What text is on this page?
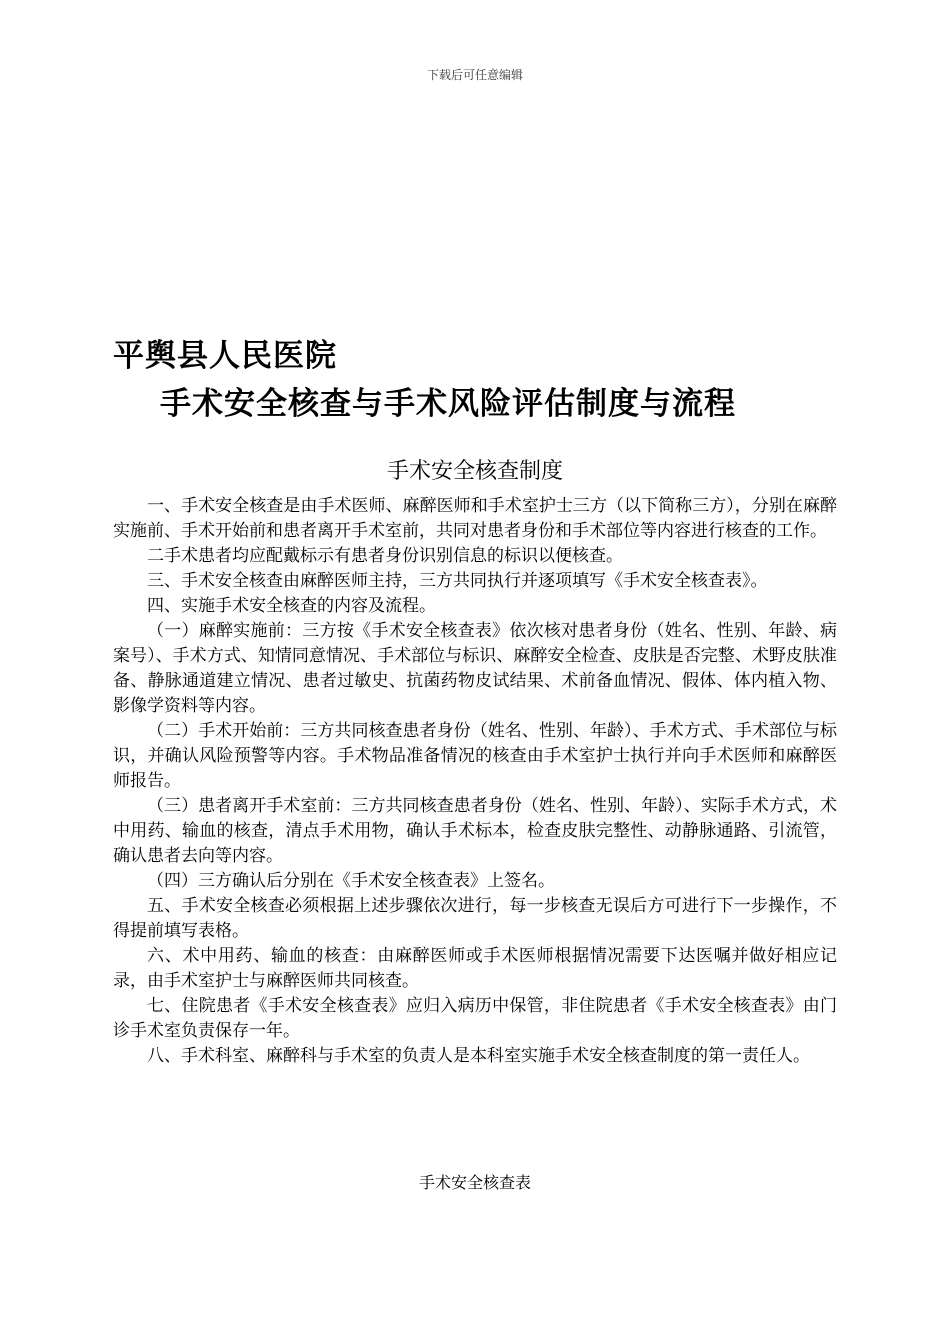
下载后可任意编辑
平舆县人民医院
手术安全核查与手术风险评估制度与流程
手术安全核查制度

一、手术安全核查是由手术医师、麻醉医师和手术室护士三方（以下简称三方），分别在麻醉实施前、手术开始前和患者离开手术室前，共同对患者身份和手术部位等内容进行核查的工作。

二手术患者均应配戴标示有患者身份识别信息的标识以便核查。

三、手术安全核查由麻醉医师主持，三方共同执行并逐项填写《手术安全核查表》。

四、实施手术安全核查的内容及流程。

（一）麻醉实施前：三方按《手术安全核查表》依次核对患者身份（姓名、性别、年龄、病案号）、手术方式、知情同意情况、手术部位与标识、麻醉安全检查、皮肤是否完整、术野皮肤准备、静脉通道建立情况、患者过敏史、抗菌药物皮试结果、术前备血情况、假体、体内植入物、影像学资料等内容。

（二）手术开始前：三方共同核查患者身份（姓名、性别、年龄）、手术方式、手术部位与标识，并确认风险预警等内容。手术物品准备情况的核查由手术室护士执行并向手术医师和麻醉医师报告。

（三）患者离开手术室前：三方共同核查患者身份（姓名、性别、年龄）、实际手术方式，术中用药、输血的核查，清点手术用物，确认手术标本，检查皮肤完整性、动静脉通路、引流管，确认患者去向等内容。

（四）三方确认后分别在《手术安全核查表》上签名。

五、手术安全核查必须根据上述步骤依次进行，每一步核查无误后方可进行下一步操作，不得提前填写表格。

六、术中用药、输血的核查：由麻醉医师或手术医师根据情况需要下达医嘱并做好相应记录，由手术室护士与麻醉医师共同核查。

七、住院患者《手术安全核查表》应归入病历中保管，非住院患者《手术安全核查表》由门诊手术室负责保存一年。

八、手术科室、麻醉科与手术室的负责人是本科室实施手术安全核查制度的第一责任人。

手术安全核查表
